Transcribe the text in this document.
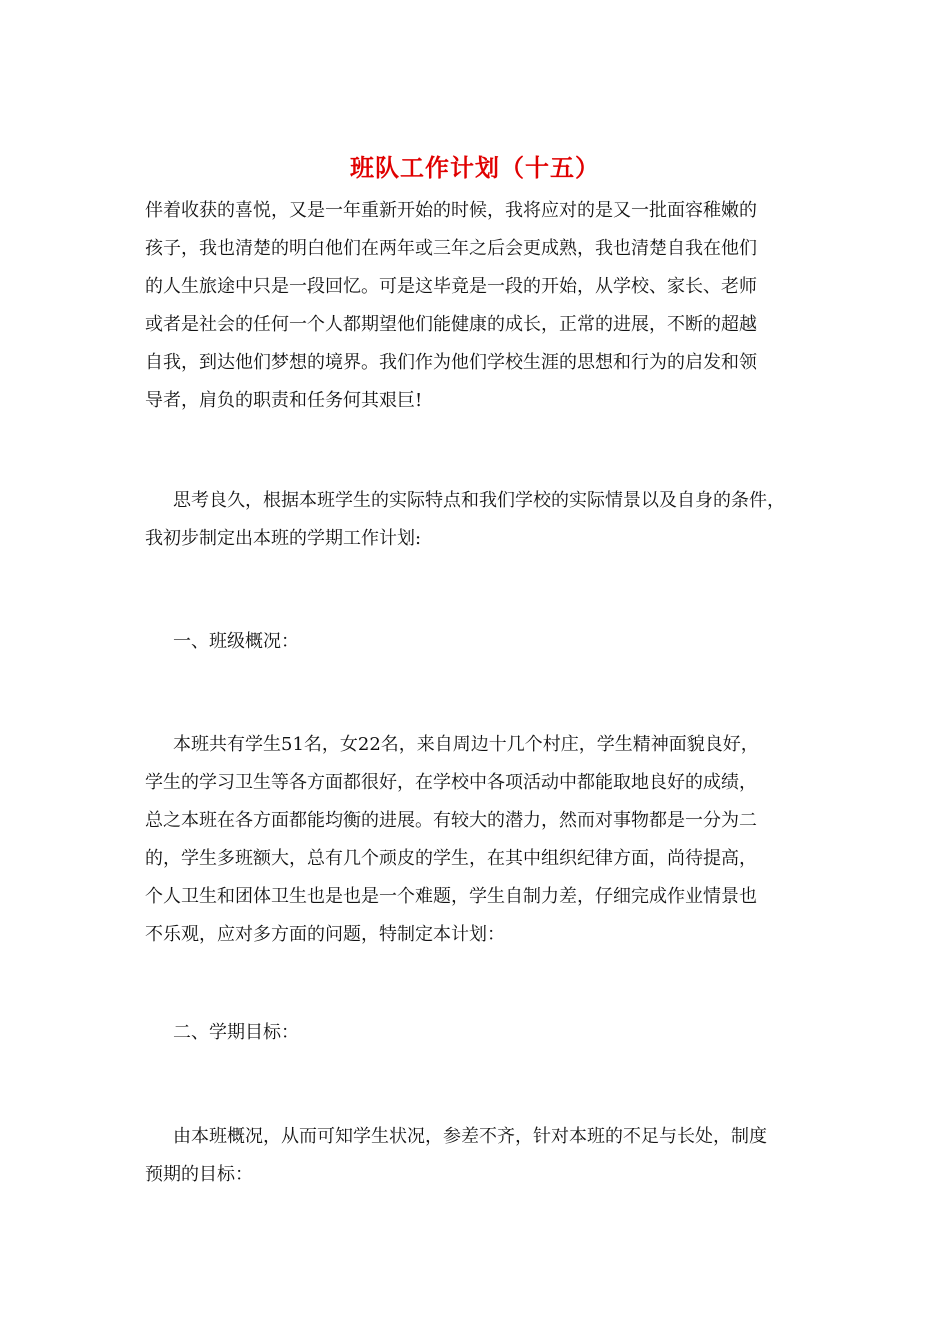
班队工作计划（十五）

伴着收获的喜悦，又是一年重新开始的时候，我将应对的是又一批面容稚嫩的
孩子，我也清楚的明白他们在两年或三年之后会更成熟，我也清楚自我在他们
的人生旅途中只是一段回忆。可是这毕竟是一段的开始，从学校、家长、老师
或者是社会的任何一个人都期望他们能健康的成长，正常的进展，不断的超越
自我，到达他们梦想的境界。我们作为他们学校生涯的思想和行为的启发和领
导者，肩负的职责和任务何其艰巨!

思考良久，根据本班学生的实际特点和我们学校的实际情景以及自身的条件，
我初步制定出本班的学期工作计划:

一、班级概况：

本班共有学生51名，女22名，来自周边十几个村庄，学生精神面貌良好，
学生的学习卫生等各方面都很好，在学校中各项活动中都能取地良好的成绩，
总之本班在各方面都能均衡的进展。有较大的潜力，然而对事物都是一分为二
的，学生多班额大，总有几个顽皮的学生，在其中组织纪律方面，尚待提高，
个人卫生和团体卫生也是也是一个难题，学生自制力差，仔细完成作业情景也
不乐观，应对多方面的问题，特制定本计划：

二、学期目标：

由本班概况，从而可知学生状况，参差不齐，针对本班的不足与长处，制度
预期的目标：
